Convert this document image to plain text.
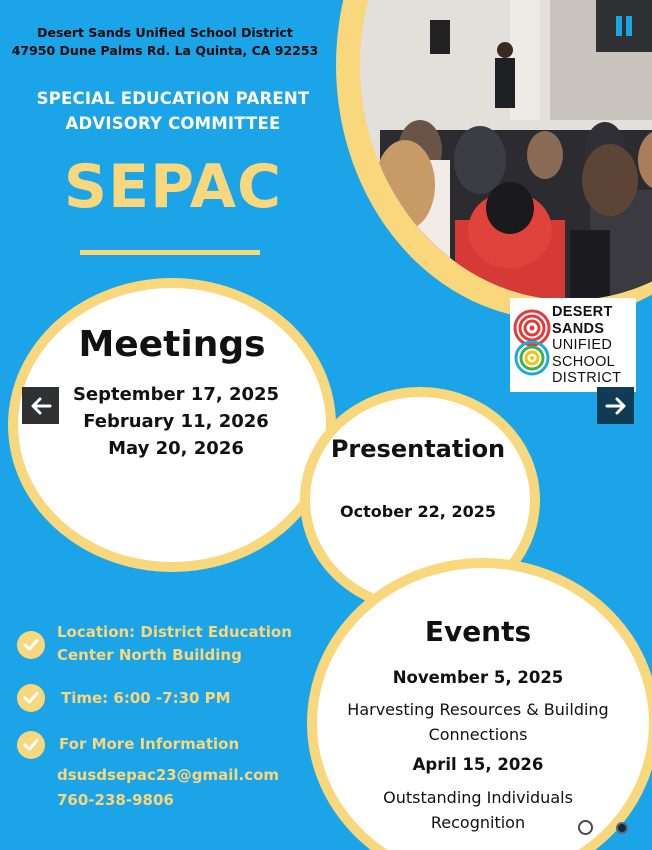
Desert Sands Unified School District
47950 Dune Palms Rd. La Quinta, CA 92253
SPECIAL EDUCATION PARENT
ADVISORY COMMITTEE
SEPAC
DESERT
SANDS
UNIFIED
SCHOOL
DISTRICT
Meetings
September 17, 2025
February 11, 2026
May 20, 2026	Presentation
October 22, 2025
Events
November 5, 2025
Harvesting Resources & Building
Connections
April 15, 2026
Outstanding Individuals
Recognition
Location: District Education
Center North Building
Time: 6:00 -7:30 PM
For More Information
dsusdsepac23@gmail.com
760-238-9806
